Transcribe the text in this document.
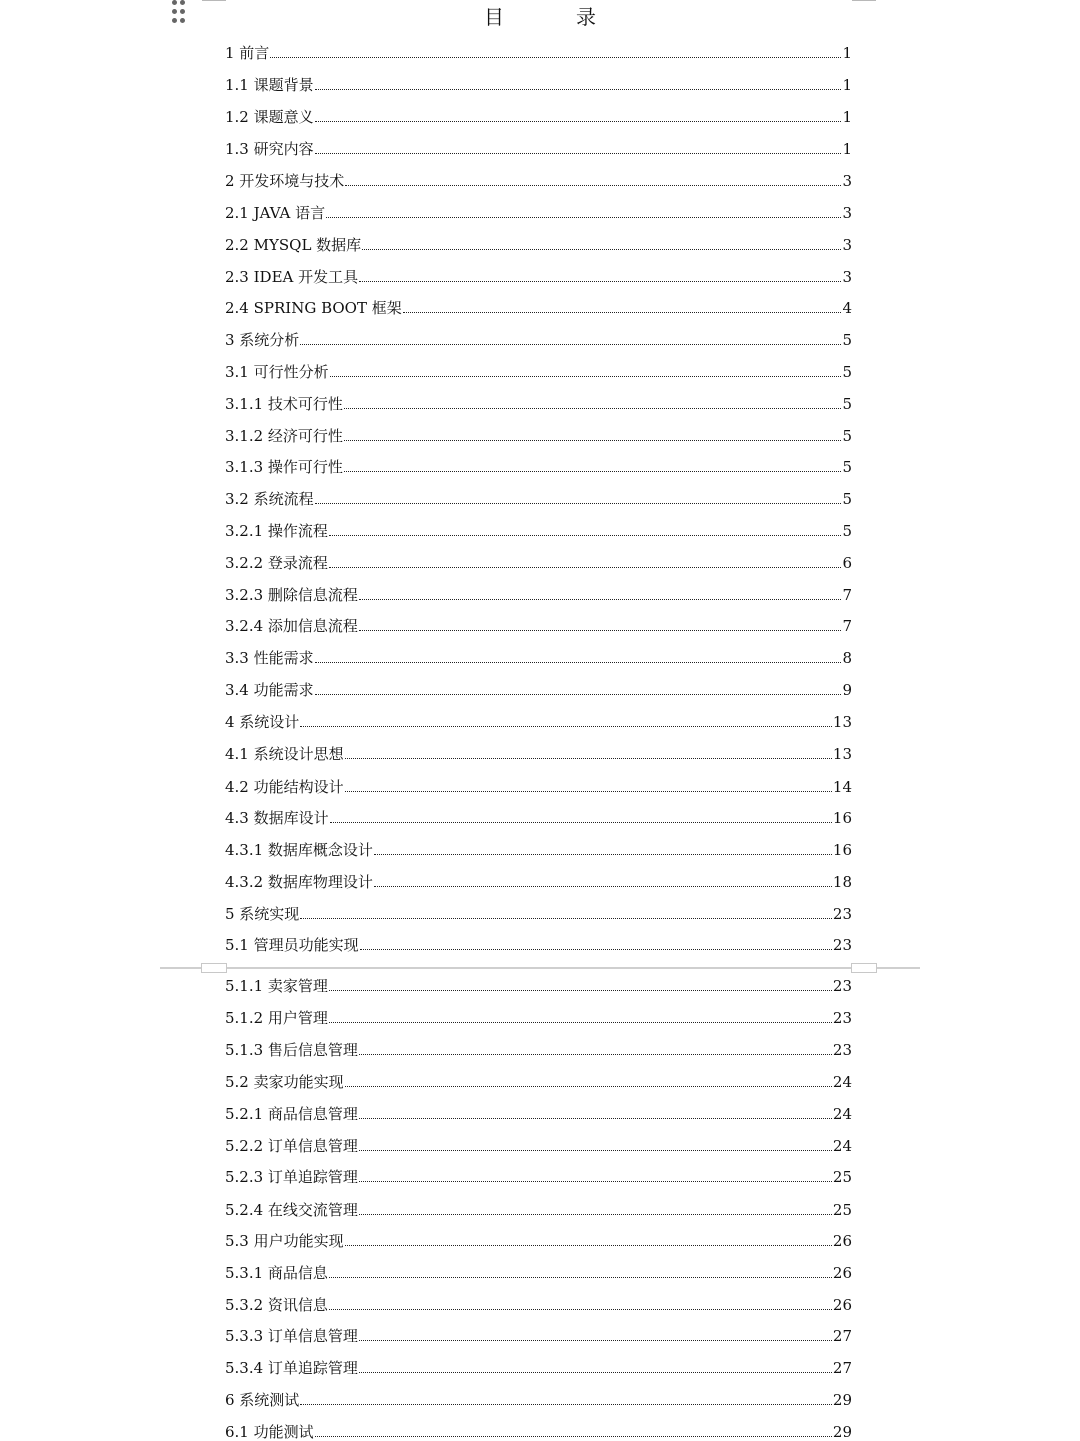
目录
1 前言	1
1.1 课题背景	1
1.2 课题意义	1
1.3 研究内容	1
2 开发环境与技术	3
2.1 JAVA 语言	3
2.2 MYSQL 数据库	3
2.3 IDEA 开发工具	3
2.4 SPRING BOOT 框架	4
3 系统分析	5
3.1 可行性分析	5
3.1.1 技术可行性	5
3.1.2 经济可行性	5
3.1.3 操作可行性	5
3.2 系统流程	5
3.2.1 操作流程	5
3.2.2 登录流程	6
3.2.3 删除信息流程	7
3.2.4 添加信息流程	7
3.3 性能需求	8
3.4 功能需求	9
4 系统设计	13
4.1 系统设计思想	13
4.2 功能结构设计	14
4.3 数据库设计	16
4.3.1 数据库概念设计	16
4.3.2 数据库物理设计	18
5 系统实现	23
5.1 管理员功能实现	23
5.1.1 卖家管理	23
5.1.2 用户管理	23
5.1.3 售后信息管理	23
5.2 卖家功能实现	24
5.2.1 商品信息管理	24
5.2.2 订单信息管理	24
5.2.3 订单追踪管理	25
5.2.4 在线交流管理	25
5.3 用户功能实现	26
5.3.1 商品信息	26
5.3.2 资讯信息	26
5.3.3 订单信息管理	27
5.3.4 订单追踪管理	27
6 系统测试	29
6.1 功能测试	29
